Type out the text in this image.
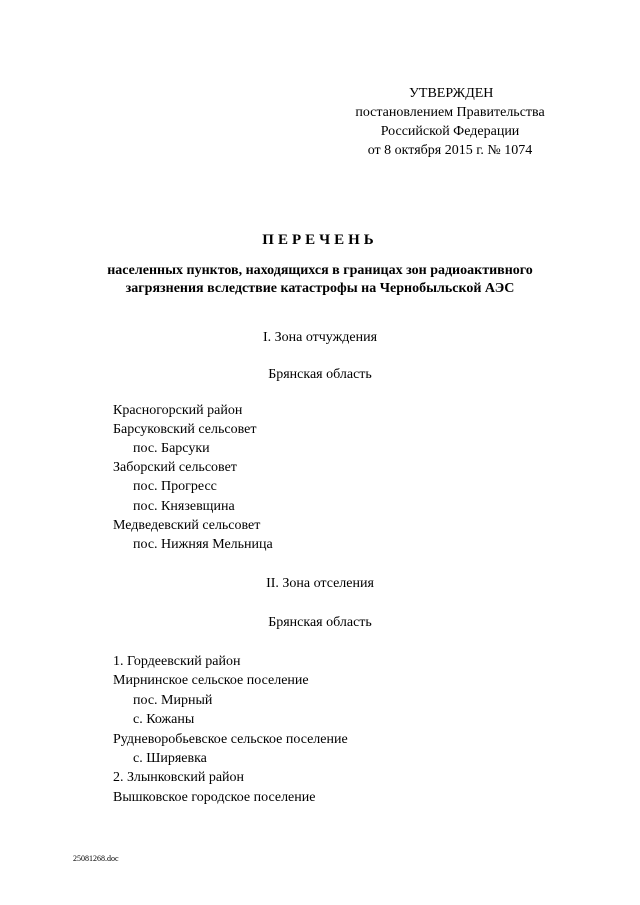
УТВЕРЖДЕН
постановлением Правительства
Российской Федерации
от 8 октября 2015 г. № 1074
ПЕРЕЧЕНЬ
населенных пунктов, находящихся в границах зон радиоактивного
загрязнения вследствие катастрофы на Чернобыльской АЭС
I. Зона отчуждения
Брянская область
Красногорский район
Барсуковский сельсовет
пос. Барсуки
Заборский сельсовет
пос. Прогресс
пос. Князевщина
Медведевский сельсовет
пос. Нижняя Мельница
II. Зона отселения
Брянская область
1. Гордеевский район
Мирнинское сельское поселение
пос. Мирный
с. Кожаны
Рудневоробьевское сельское поселение
с. Ширяевка
2. Злынковский район
Вышковское городское поселение
25081268.doc
